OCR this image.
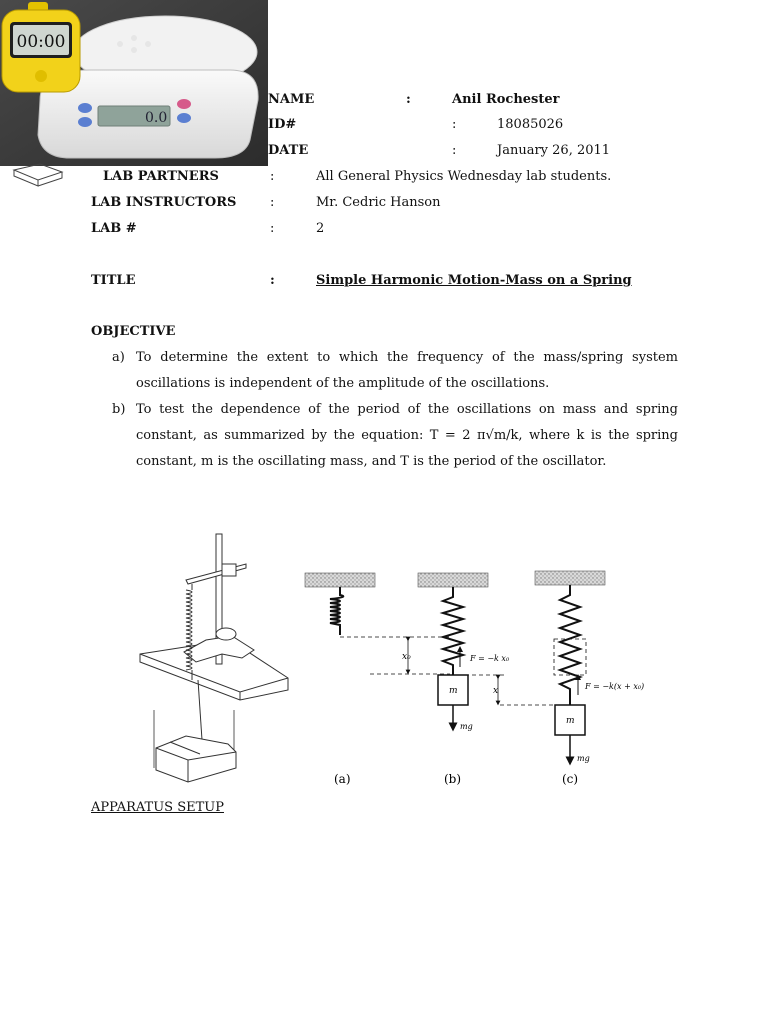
0.0
00:00
NAME	:	Anil Rochester
ID#	:	18085026
DATE	:	January 26, 2011
LAB PARTNERS	:	All General Physics Wednesday lab students.
LAB INSTRUCTORS	:	Mr. Cedric Hanson
LAB #	:	2
TITLE	:	Simple Harmonic Motion-Mass on a Spring
OBJECTIVE
a) To determine the extent to which the frequency of the mass/spring system oscillations is independent of the amplitude of the oscillations.
b) To test the dependence of the period of the oscillations on mass and spring constant, as summarized by the equation: T = 2 π√m/k, where k is the spring constant, m is the oscillating mass, and T is the period of the oscillator.
x₀
x
F = −k x₀
F = −k(x + x₀)
m
m
mg
mg
(a)	(b)	(c)
APPARATUS SETUP
